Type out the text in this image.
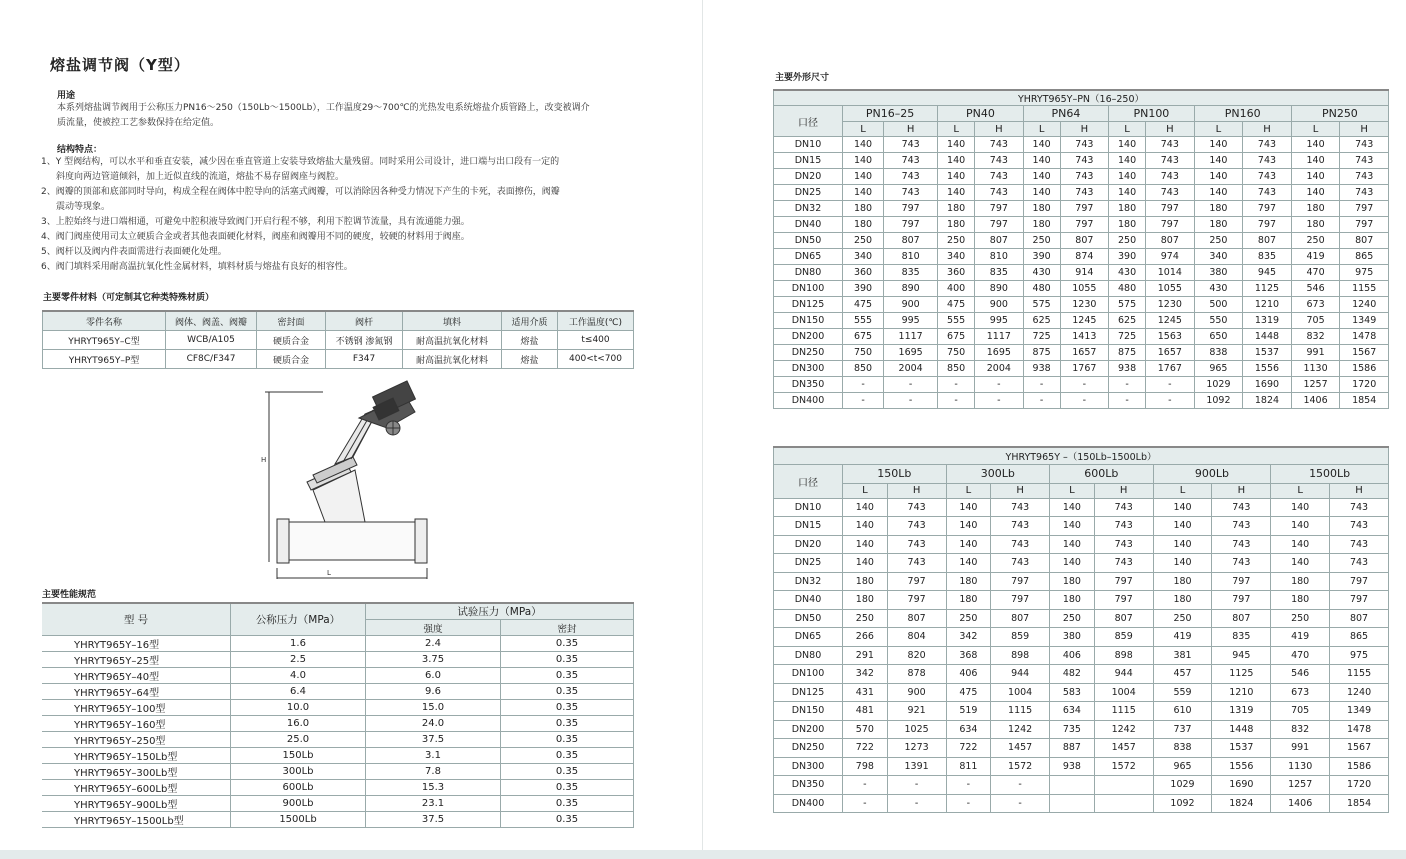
熔盐调节阀（Y型）
用途
本系列熔盐调节阀用于公称压力PN16～250（150Lb～1500Lb），工作温度29～700℃的光热发电系统熔盐介质管路上，改变被调介
质流量，使被控工艺参数保持在给定值。
结构特点：
1、Y 型阀结构，可以水平和垂直安装，减少因在垂直管道上安装导致熔盐大量残留。同时采用公司设计，进口端与出口段有一定的
斜度向两边管道倾斜，加上近似直线的流道，熔盐不易存留阀座与阀腔。
2、阀瓣的顶部和底部同时导向，构成全程在阀体中腔导向的活塞式阀瓣，可以消除因各种受力情况下产生的卡死，表面擦伤，阀瓣
震动等现象。
3、上腔始终与进口端相通，可避免中腔积液导致阀门开启行程不够，利用下腔调节流量，具有流通能力强。
4、阀门阀座使用司太立硬质合金或者其他表面硬化材料，阀座和阀瓣用不同的硬度，较硬的材料用于阀座。
5、阀杆以及阀内件表面需进行表面硬化处理。
6、阀门填料采用耐高温抗氧化性金属材料，填料材质与熔盐有良好的相容性。
主要零件材料（可定制其它种类特殊材质）
零件名称	阀体、阀盖、阀瓣	密封面	阀杆	填料	适用介质	工作温度(℃)
YHRYT965Y–C型	WCB/A105	硬质合金	不锈钢 渗氮钢	耐高温抗氧化材料	熔盐	t≤400
YHRYT965Y–P型	CF8C/F347	硬质合金	F347	耐高温抗氧化材料	熔盐	400<t<700
H
L
主要性能规范
型 号	公称压力（MPa）	试验压力（MPa）	
		强度	密封
YHRYT965Y–16型	1.6	2.4	0.35
YHRYT965Y–25型	2.5	3.75	0.35
YHRYT965Y–40型	4.0	6.0	0.35
YHRYT965Y–64型	6.4	9.6	0.35
YHRYT965Y–100型	10.0	15.0	0.35
YHRYT965Y–160型	16.0	24.0	0.35
YHRYT965Y–250型	25.0	37.5	0.35
YHRYT965Y–150Lb型	150Lb	3.1	0.35
YHRYT965Y–300Lb型	300Lb	7.8	0.35
YHRYT965Y–600Lb型	600Lb	15.3	0.35
YHRYT965Y–900Lb型	900Lb	23.1	0.35
YHRYT965Y–1500Lb型	1500Lb	37.5	0.35
主要外形尺寸
YHRYT965Y–PN（16–250）												
口径	PN16–25		PN40		PN64		PN100		PN160		PN250	
	L	H	L	H	L	H	L	H	L	H	L	H
DN10	140	743	140	743	140	743	140	743	140	743	140	743
DN15	140	743	140	743	140	743	140	743	140	743	140	743
DN20	140	743	140	743	140	743	140	743	140	743	140	743
DN25	140	743	140	743	140	743	140	743	140	743	140	743
DN32	180	797	180	797	180	797	180	797	180	797	180	797
DN40	180	797	180	797	180	797	180	797	180	797	180	797
DN50	250	807	250	807	250	807	250	807	250	807	250	807
DN65	340	810	340	810	390	874	390	974	340	835	419	865
DN80	360	835	360	835	430	914	430	1014	380	945	470	975
DN100	390	890	400	890	480	1055	480	1055	430	1125	546	1155
DN125	475	900	475	900	575	1230	575	1230	500	1210	673	1240
DN150	555	995	555	995	625	1245	625	1245	550	1319	705	1349
DN200	675	1117	675	1117	725	1413	725	1563	650	1448	832	1478
DN250	750	1695	750	1695	875	1657	875	1657	838	1537	991	1567
DN300	850	2004	850	2004	938	1767	938	1767	965	1556	1130	1586
DN350	-	-	-	-	-	-	-	-	1029	1690	1257	1720
DN400	-	-	-	-	-	-	-	-	1092	1824	1406	1854
YHRYT965Y –（150Lb–1500Lb）										
口径	150Lb		300Lb		600Lb		900Lb		1500Lb	
	L	H	L	H	L	H	L	H	L	H
DN10	140	743	140	743	140	743	140	743	140	743
DN15	140	743	140	743	140	743	140	743	140	743
DN20	140	743	140	743	140	743	140	743	140	743
DN25	140	743	140	743	140	743	140	743	140	743
DN32	180	797	180	797	180	797	180	797	180	797
DN40	180	797	180	797	180	797	180	797	180	797
DN50	250	807	250	807	250	807	250	807	250	807
DN65	266	804	342	859	380	859	419	835	419	865
DN80	291	820	368	898	406	898	381	945	470	975
DN100	342	878	406	944	482	944	457	1125	546	1155
DN125	431	900	475	1004	583	1004	559	1210	673	1240
DN150	481	921	519	1115	634	1115	610	1319	705	1349
DN200	570	1025	634	1242	735	1242	737	1448	832	1478
DN250	722	1273	722	1457	887	1457	838	1537	991	1567
DN300	798	1391	811	1572	938	1572	965	1556	1130	1586
DN350	-	-	-	-			1029	1690	1257	1720
DN400	-	-	-	-			1092	1824	1406	1854
